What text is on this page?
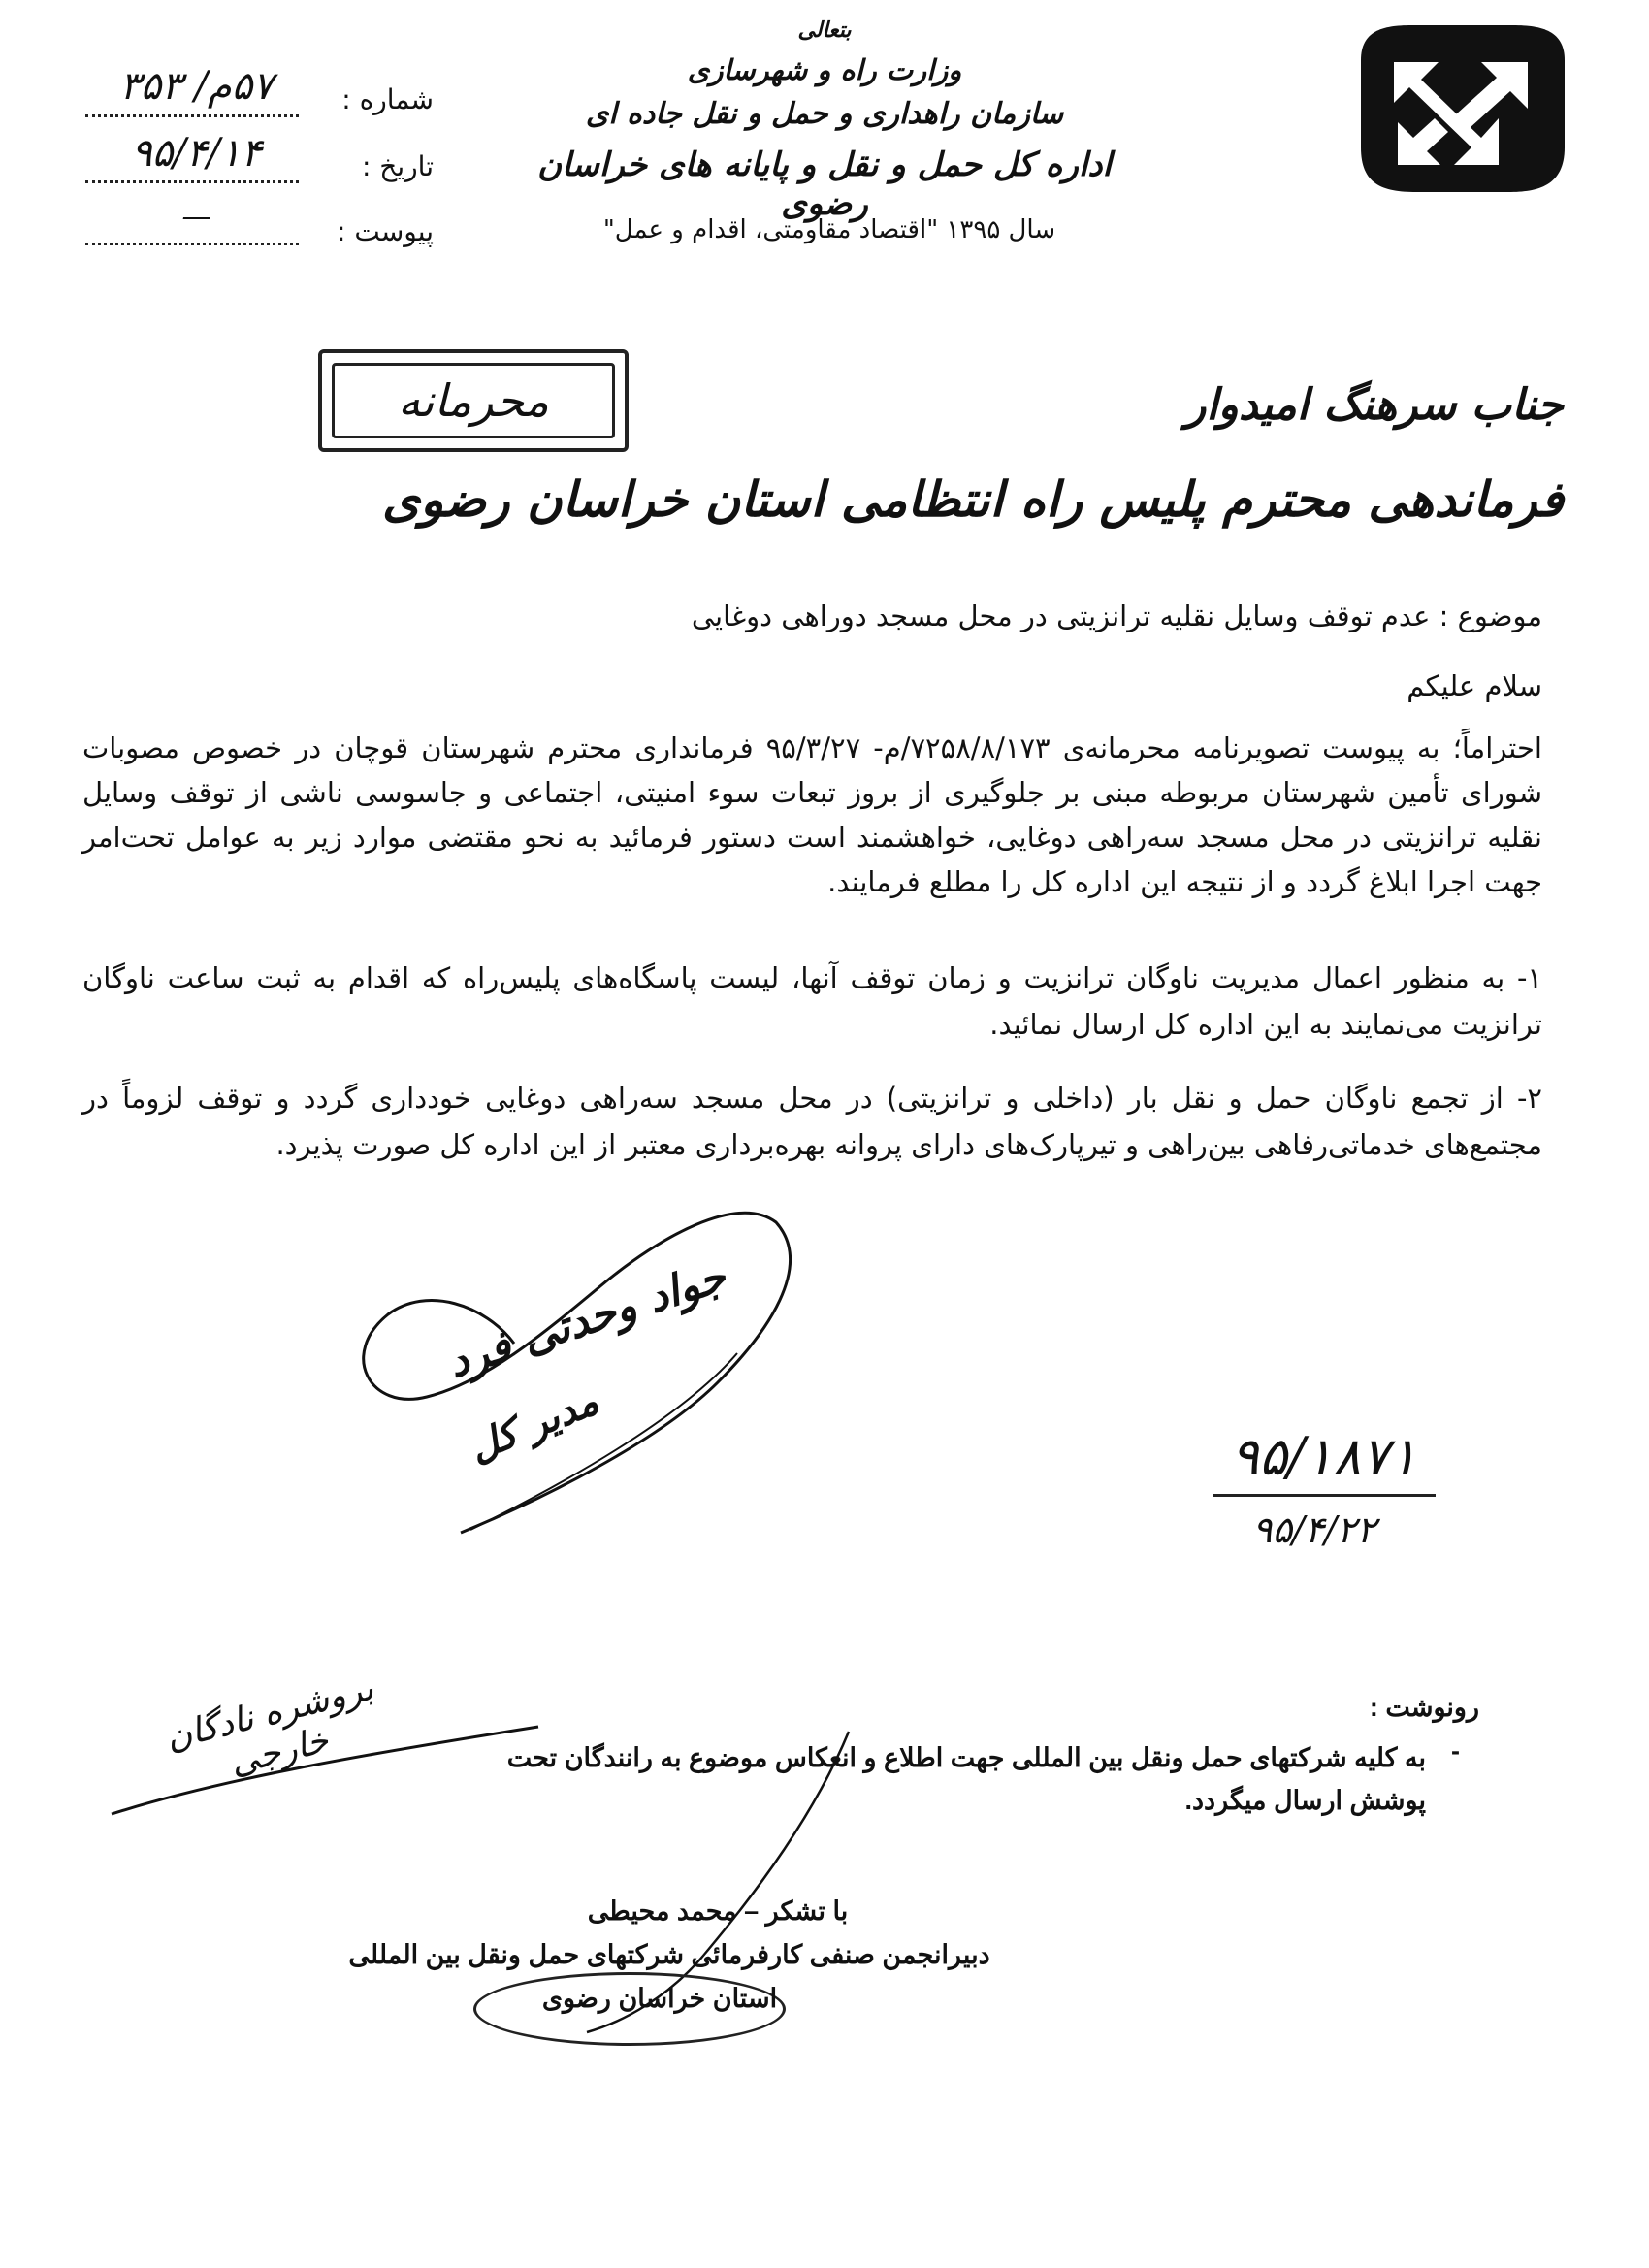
بتعالی
وزارت راه و شهرسازی
سازمان راهداری و حمل و نقل جاده ای
اداره کل حمل و نقل و پایانه های خراسان رضوی
سال ۱۳۹۵ "اقتصاد مقاومتی، اقدام و عمل"
شماره :
۵۷م/ ۳۵۳
تاریخ :
۹۵/۴/۱۴
پیوست :
—
محرمانه	جناب سرهنگ امیدوار
فرماندهی محترم پلیس راه انتظامی استان خراسان رضوی
موضوع : عدم توقف وسایل نقلیه ترانزیتی در محل مسجد دوراهی دوغایی
سلام علیکم
احتراماً؛ به پیوست تصویرنامه محرمانه‌ی ۷۲۵۸/۸/۱۷۳/م- ۹۵/۳/۲۷ فرمانداری محترم شهرستان قوچان در خصوص مصوبات شورای تأمین شهرستان مربوطه مبنی بر جلوگیری از بروز تبعات سوء امنیتی، اجتماعی و جاسوسی ناشی از توقف وسایل نقلیه ترانزیتی در محل مسجد سه‌راهی دوغایی، خواهشمند است دستور فرمائید به نحو مقتضی موارد زیر به عوامل تحت‌امر جهت اجرا ابلاغ گردد و از نتیجه این اداره کل را مطلع فرمایند.
۱- به منظور اعمال مدیریت ناوگان ترانزیت و زمان توقف آنها، لیست پاسگاه‌های پلیس‌راه که اقدام به ثبت ساعت ناوگان ترانزیت می‌نمایند به این اداره کل ارسال نمائید.
۲- از تجمع ناوگان حمل و نقل بار (داخلی و ترانزیتی) در محل مسجد سه‌راهی دوغایی خودداری گردد و توقف لزوماً در مجتمع‌های خدماتی‌رفاهی بین‌راهی و تیرپارک‌های دارای پروانه بهره‌برداری معتبر از این اداره کل صورت پذیرد.
جواد وحدتی فرد
مدیر کل	۹۵/۱۸۷۱
۹۵/۴/۲۲
رونوشت :
-
به کلیه شرکتهای حمل ونقل بین المللی جهت اطلاع و انعکاس موضوع به رانندگان تحت پوشش ارسال میگردد.
بروشره نادگان خارجی
با تشکر – محمد محیطی
دبیرانجمن صنفی کارفرمائی شرکتهای حمل ونقل بین المللی
استان خراسان رضوی
